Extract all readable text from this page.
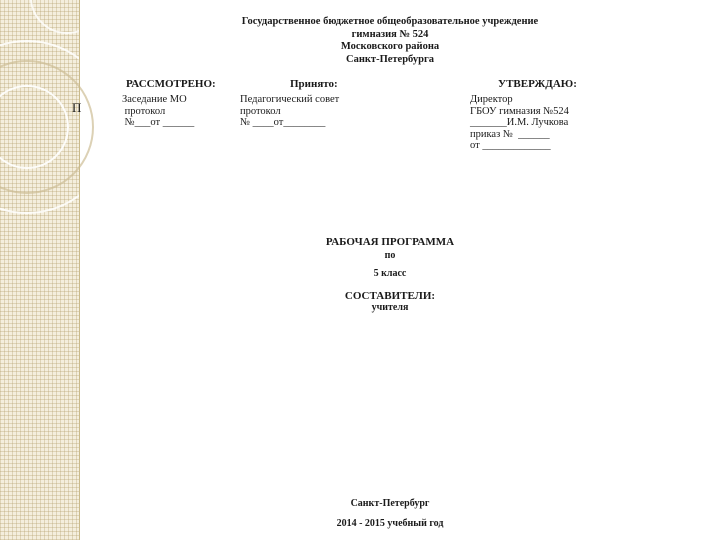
П
Государственное бюджетное общеобразовательное учреждение
гимназия № 524
Московского района
Санкт-Петербурга
РАССМОТРЕНО:	Принято:	УТВЕРЖДАЮ:
Заседание МО
протокол
№___от ______
Педагогический совет
протокол
№ ____от________
Директор
ГБОУ гимназия №524
_______И.М. Лучкова
приказ №  ______
от _____________
РАБОЧАЯ ПРОГРАММА
по
5 класс
СОСТАВИТЕЛИ:
учителя
Санкт-Петербург
2014 - 2015 учебный год
